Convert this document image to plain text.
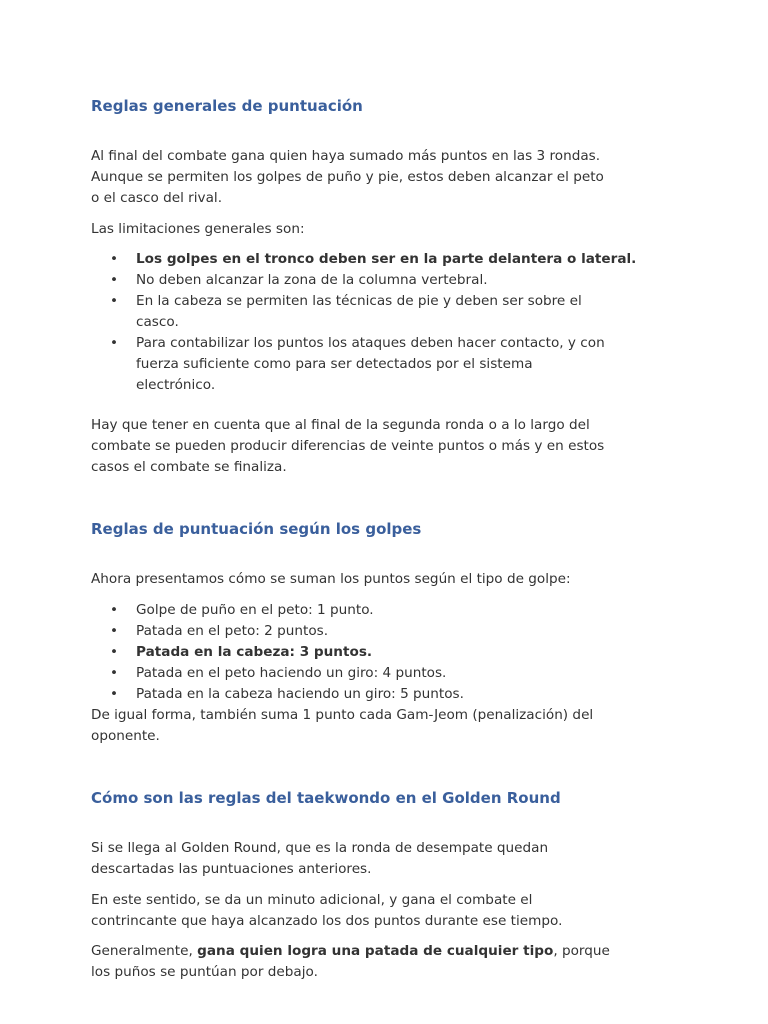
Reglas generales de puntuación

Al final del combate gana quien haya sumado más puntos en las 3 rondas.
Aunque se permiten los golpes de puño y pie, estos deben alcanzar el peto
o el casco del rival.

Las limitaciones generales son:

• Los golpes en el tronco deben ser en la parte delantera o lateral.
• No deben alcanzar la zona de la columna vertebral.
• En la cabeza se permiten las técnicas de pie y deben ser sobre el
casco.
• Para contabilizar los puntos los ataques deben hacer contacto, y con
fuerza suficiente como para ser detectados por el sistema
electrónico.

Hay que tener en cuenta que al final de la segunda ronda o a lo largo del
combate se pueden producir diferencias de veinte puntos o más y en estos
casos el combate se finaliza.

Reglas de puntuación según los golpes

Ahora presentamos cómo se suman los puntos según el tipo de golpe:

• Golpe de puño en el peto: 1 punto.
• Patada en el peto: 2 puntos.
• Patada en la cabeza: 3 puntos.
• Patada en el peto haciendo un giro: 4 puntos.
• Patada en la cabeza haciendo un giro: 5 puntos.

De igual forma, también suma 1 punto cada Gam-Jeom (penalización) del
oponente.

Cómo son las reglas del taekwondo en el Golden Round

Si se llega al Golden Round, que es la ronda de desempate quedan
descartadas las puntuaciones anteriores.

En este sentido, se da un minuto adicional, y gana el combate el
contrincante que haya alcanzado los dos puntos durante ese tiempo.

Generalmente, gana quien logra una patada de cualquier tipo, porque
los puños se puntúan por debajo.
